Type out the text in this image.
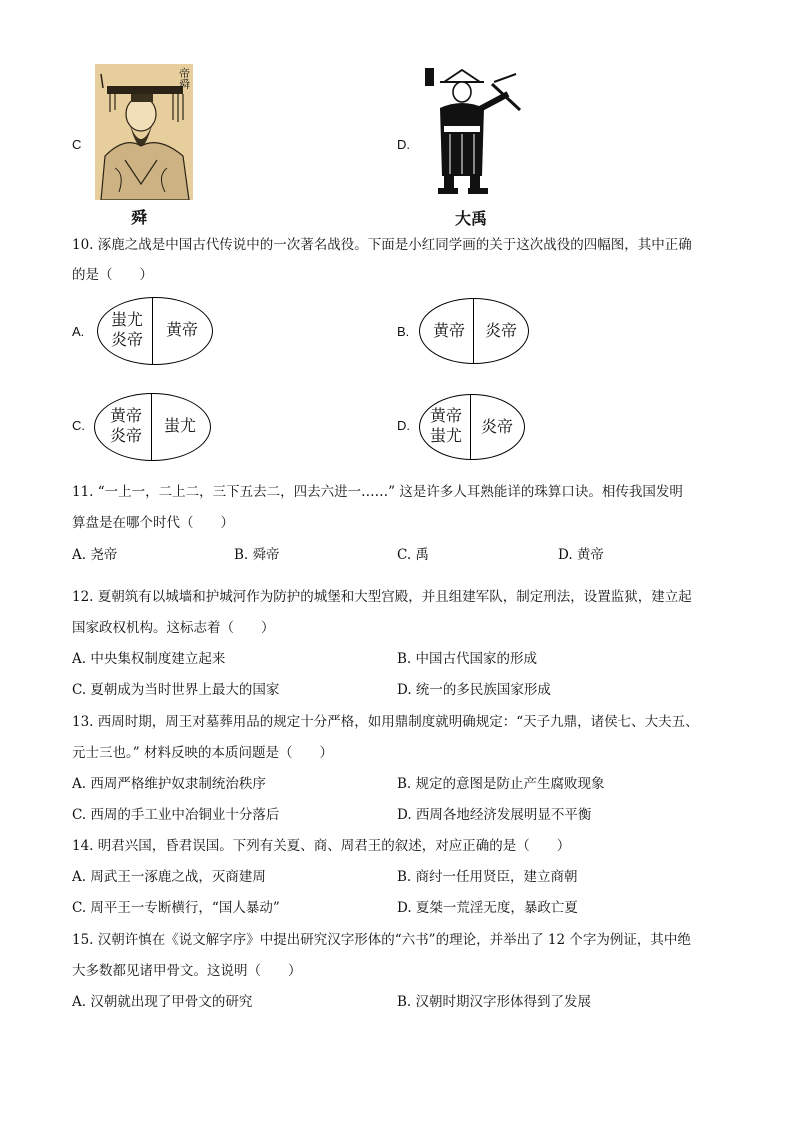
C
帝舜
舜
D.
大禹
10. 涿鹿之战是中国古代传说中的一次著名战役。下面是小红同学画的关于这次战役的四幅图，其中正确
的是（　　）
A.
蚩尤
炎帝
黄帝	B.	黄帝	炎帝
C.
黄帝
炎帝
蚩尤	D.
黄帝
蚩尤	炎帝
11. “一上一，二上二，三下五去二，四去六进一……” 这是许多人耳熟能详的珠算口诀。相传我国发明
算盘是在哪个时代（　　）
A. 尧帝	B. 舜帝	C. 禹	D. 黄帝
12. 夏朝筑有以城墙和护城河作为防护的城堡和大型宫殿，并且组建军队，制定刑法，设置监狱，建立起
国家政权机构。这标志着（　　）
A. 中央集权制度建立起来	B. 中国古代国家的形成
C. 夏朝成为当时世界上最大的国家	D. 统一的多民族国家形成
13. 西周时期，周王对墓葬用品的规定十分严格，如用鼎制度就明确规定：“天子九鼎，诸侯七、大夫五、
元士三也。” 材料反映的本质问题是（　　）
A. 西周严格维护奴隶制统治秩序	B. 规定的意图是防止产生腐败现象
C. 西周的手工业中冶铜业十分落后	D. 西周各地经济发展明显不平衡
14. 明君兴国，昏君误国。下列有关夏、商、周君王的叙述，对应正确的是（　　）
A. 周武王一涿鹿之战，灭商建周	B. 商纣一任用贤臣，建立商朝
C. 周平王一专断横行，“国人暴动”	D. 夏桀一荒淫无度，暴政亡夏
15. 汉朝许慎在《说文解字序》中提出研究汉字形体的“六书”的理论，并举出了 12 个字为例证，其中绝
大多数都见诸甲骨文。这说明（　　）
A. 汉朝就出现了甲骨文的研究	B. 汉朝时期汉字形体得到了发展
